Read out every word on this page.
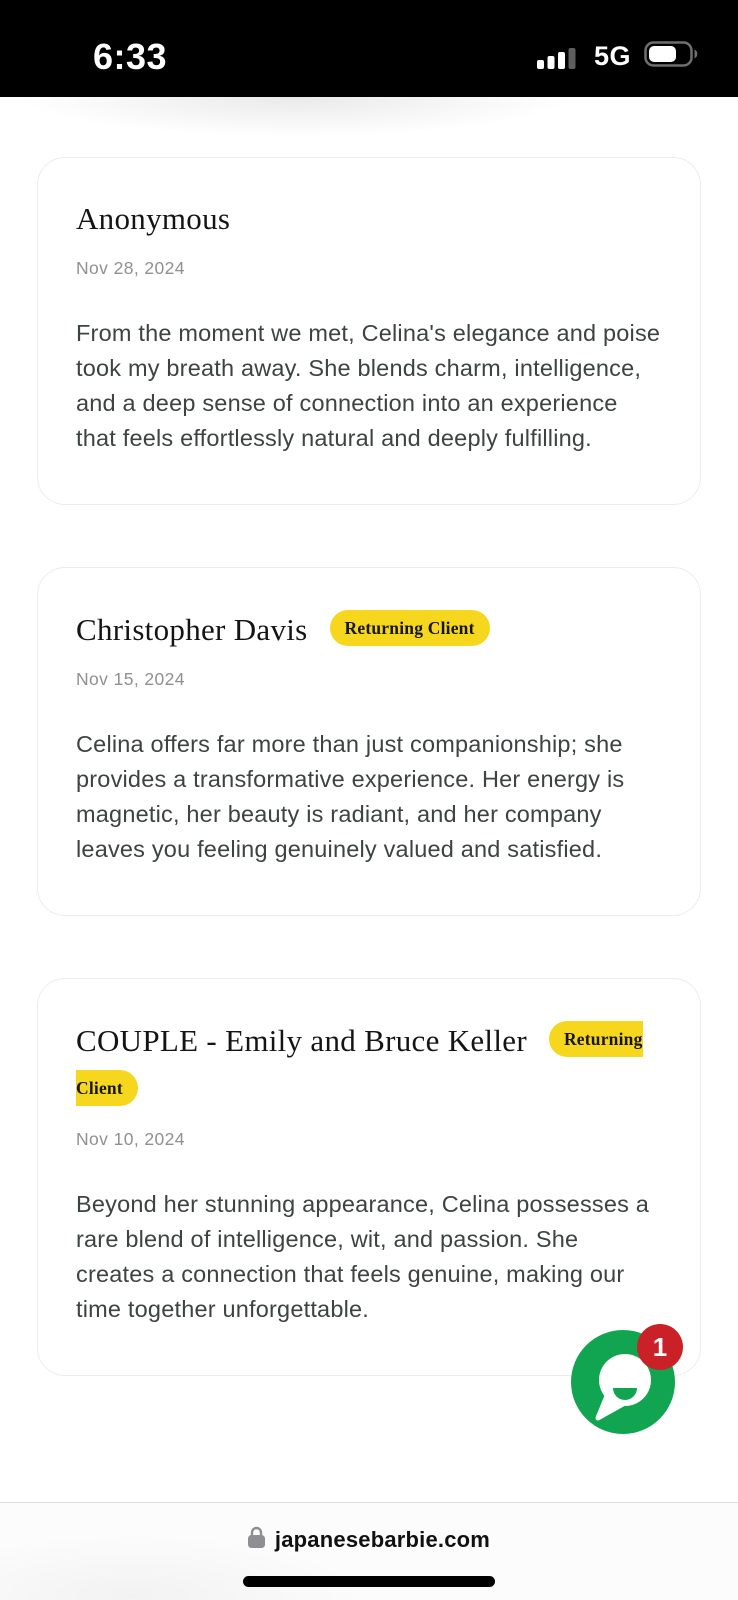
6:33	5G
Anonymous
Nov 28, 2024

From the moment we met, Celina's elegance and poise took my breath away. She blends charm, intelligence, and a deep sense of connection into an experience that feels effortlessly natural and deeply fulfilling.

Christopher Davis $^{Returning Client}$
Nov 15, 2024

Celina offers far more than just companionship; she provides a transformative experience. Her energy is magnetic, her beauty is radiant, and her company leaves you feeling genuinely valued and satisfied.

COUPLE - Emily and Bruce Keller $^{Returning Client}$
Nov 10, 2024

Beyond her stunning appearance, Celina possesses a rare blend of intelligence, wit, and passion. She creates a connection that feels genuine, making our time together unforgettable.

1
japanesebarbie.com
